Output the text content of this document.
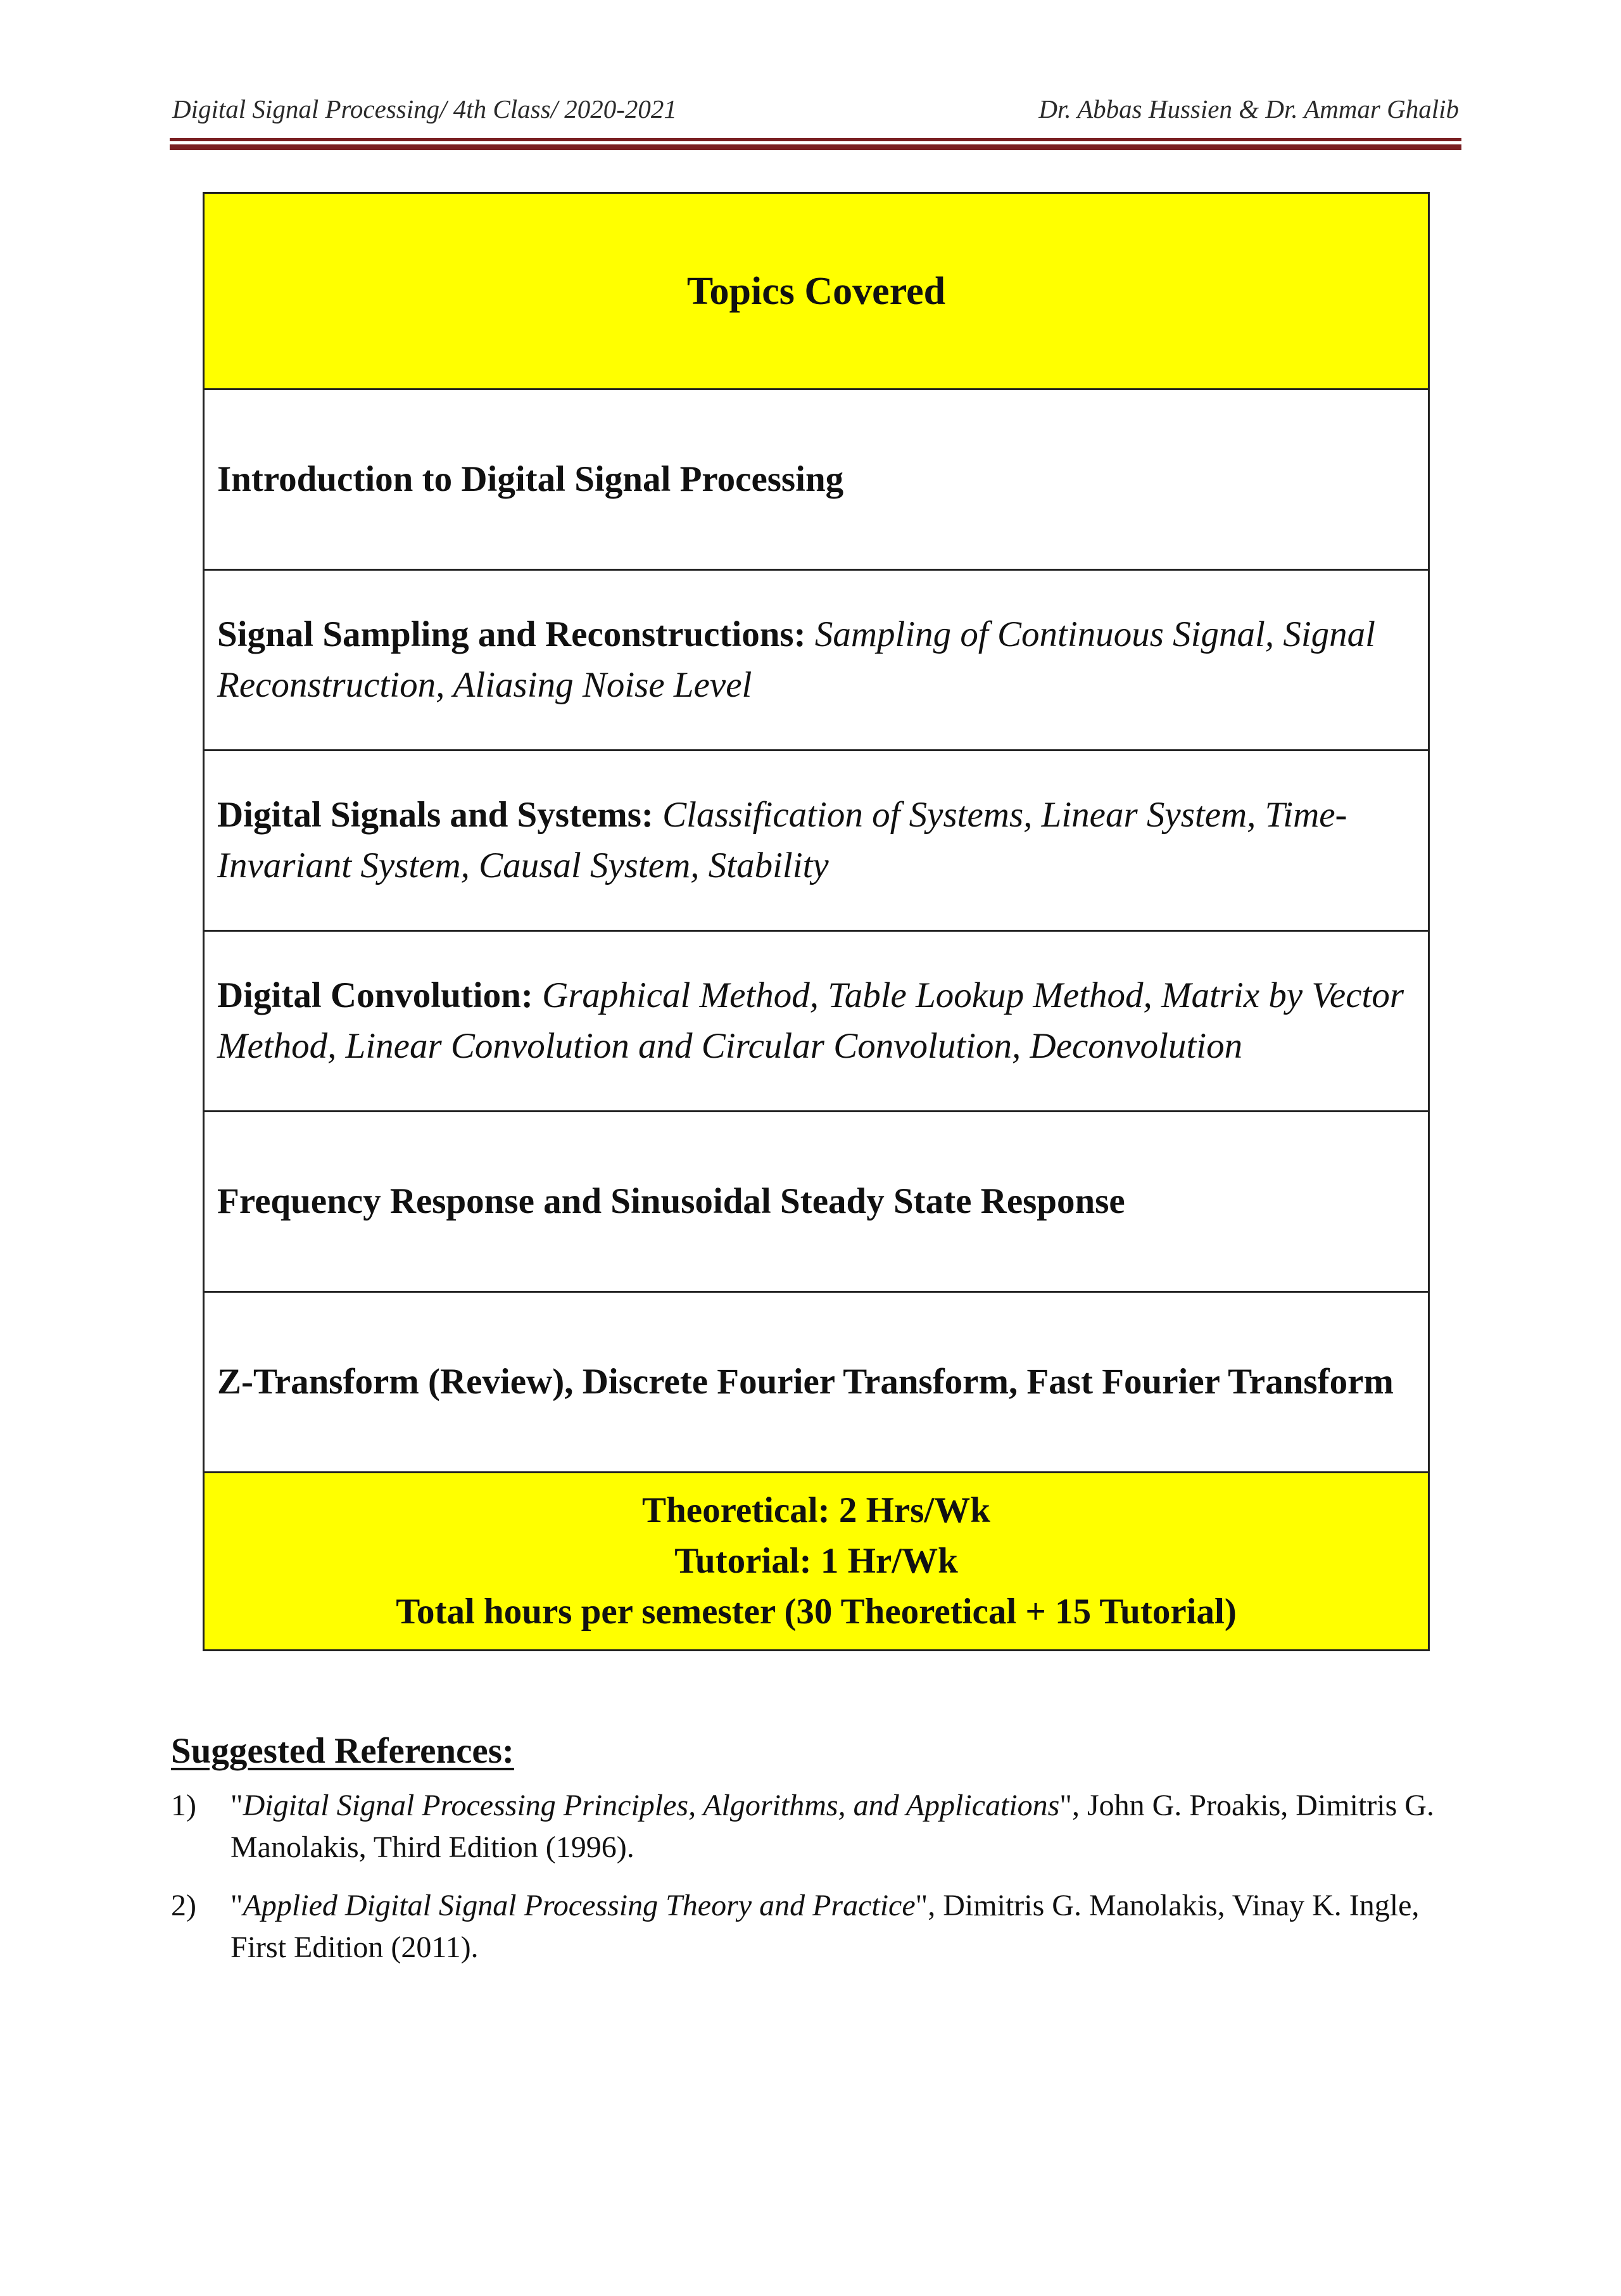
Digital Signal Processing/ 4th Class/ 2020-2021	Dr. Abbas Hussien & Dr. Ammar Ghalib
Topics Covered
Introduction to Digital Signal Processing
Signal Sampling and Reconstructions: Sampling of Continuous Signal, Signal Reconstruction, Aliasing Noise Level
Digital Signals and Systems: Classification of Systems, Linear System, Time-Invariant System, Causal System, Stability
Digital Convolution: Graphical Method, Table Lookup Method, Matrix by Vector Method, Linear Convolution and Circular Convolution, Deconvolution
Frequency Response and Sinusoidal Steady State Response
Z-Transform (Review), Discrete Fourier Transform, Fast Fourier Transform
Theoretical: 2 Hrs/Wk
Tutorial: 1 Hr/Wk
Total hours per semester (30 Theoretical + 15 Tutorial)
Suggested References:
1) "Digital Signal Processing Principles, Algorithms, and Applications", John G. Proakis, Dimitris G. Manolakis, Third Edition (1996).
2) "Applied Digital Signal Processing Theory and Practice", Dimitris G. Manolakis, Vinay K. Ingle, First Edition (2011).
